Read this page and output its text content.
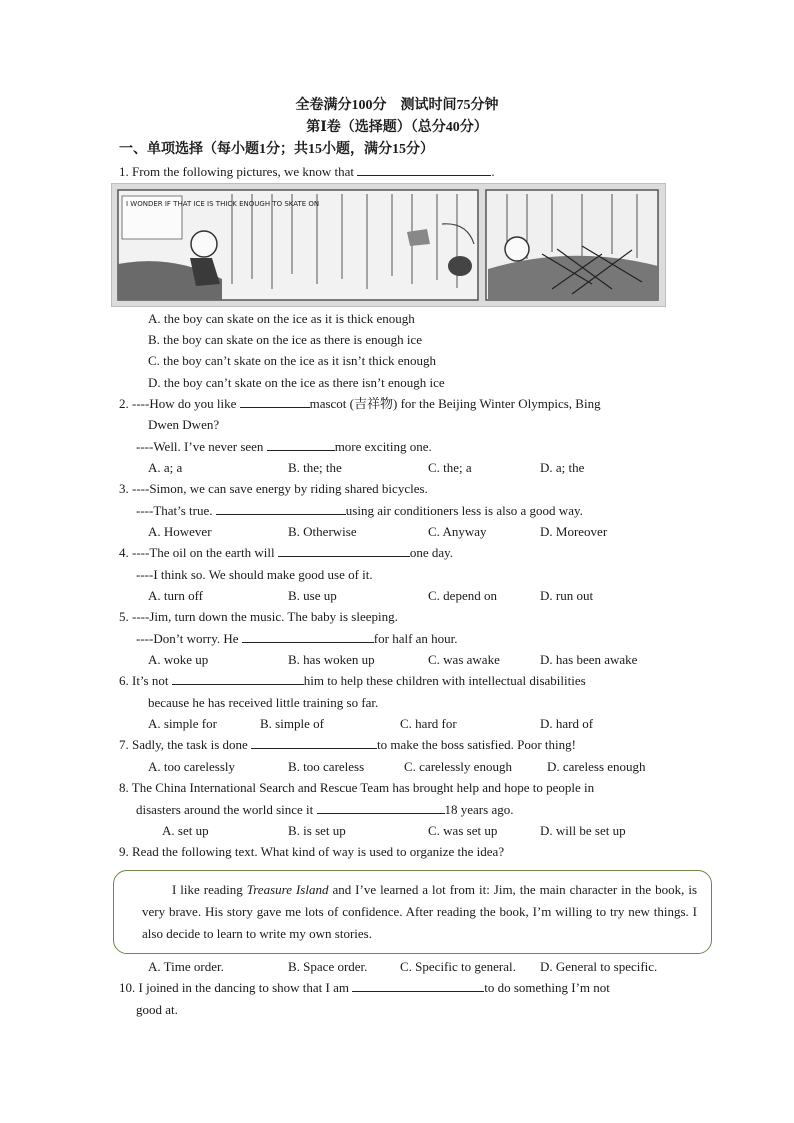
全卷满分100分　测试时间75分钟
第Ⅰ卷（选择题）（总分40分）
一、单项选择（每小题1分；共15小题，满分15分）
1. From the following pictures, we know that	.
I WONDER IF THAT ICE IS THICK ENOUGH TO SKATE ON
A. the boy can skate on the ice as it is thick enough
B. the boy can skate on the ice as there is enough ice
C. the boy can’t skate on the ice as it isn’t thick enough
D. the boy can’t skate on the ice as there isn’t enough ice
2. ----How do you like	mascot (吉祥物) for the Beijing Winter Olympics, Bing
Dwen Dwen?
----Well. I’ve never seen	more exciting one.
A. a; a	B. the; the	C. the; a	D. a; the
3. ----Simon, we can save energy by riding shared bicycles.
----That’s true.	using air conditioners less is also a good way.
A. However	B. Otherwise	C. Anyway	D. Moreover
4. ----The oil on the earth will	one day.
----I think so. We should make good use of it.
A. turn off	B. use up	C. depend on	D. run out
5. ----Jim, turn down the music. The baby is sleeping.
----Don’t worry. He	for half an hour.
A. woke up	B. has woken up	C. was awake	D. has been awake
6. It’s not	him to help these children with intellectual disabilities
because he has received little training so far.
A. simple for	B. simple of	C. hard for	D. hard of
7. Sadly, the task is done	to make the boss satisfied. Poor thing!
A. too carelessly	B. too careless	C. carelessly enough	D. careless enough
8. The China International Search and Rescue Team has brought help and hope to people in
disasters around the world since it	18 years ago.
A. set up	B. is set up	C. was set up	D. will be set up
9. Read the following text. What kind of way is used to organize the idea?

I like reading Treasure Island and I’ve learned a lot from it: Jim, the main character in the book, is very brave. His story gave me lots of confidence. After reading the book, I’m willing to try new things. I also decide to learn to write my own stories.

A. Time order.	B. Space order.	C. Specific to general. D. General to specific.
10. I joined in the dancing to show that I am	to do something I’m not
good at.
